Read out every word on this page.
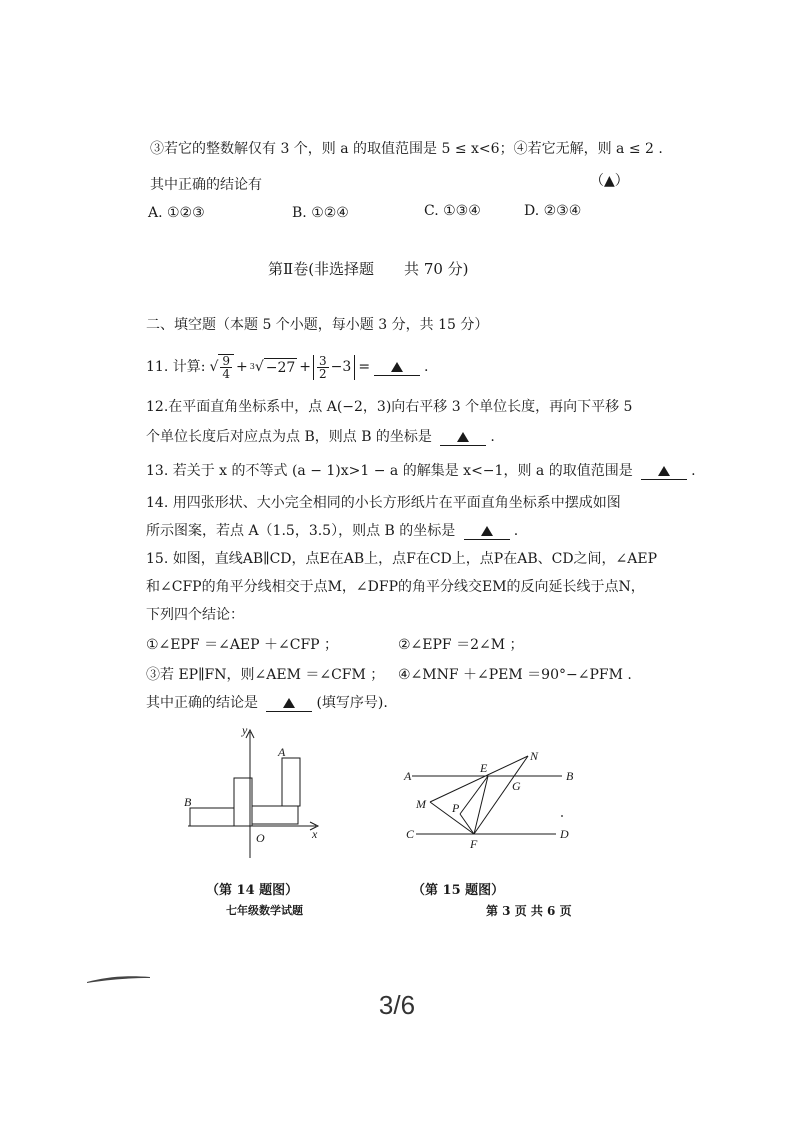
③若它的整数解仅有 3 个，则 a 的取值范围是 5 ≤ x<6；④若它无解，则 a ≤ 2 .
其中正确的结论有	（▲）
A. ①②③	B. ①②④	C. ①③④	D. ②③④
第Ⅱ卷(非选择题　　共 70 分)
二、填空题（本题 5 个小题，每小题 3 分，共 15 分）
11. 计算: √ $\frac{9}{4} + 3$ √ $-27 + \frac{3}{2} -3$ =	.
12.在平面直角坐标系中，点 A(−2，3)向右平移 3 个单位长度，再向下平移 5
个单位长度后对应点为点 B，则点 B 的坐标是	.
13. 若关于 x 的不等式 (a − 1)x>1 − a 的解集是 x<−1，则 a 的取值范围是	.
14. 用四张形状、大小完全相同的小长方形纸片在平面直角坐标系中摆成如图
所示图案，若点 A（1.5，3.5），则点 B 的坐标是	.
15. 如图，直线AB∥CD，点E在AB上，点F在CD上，点P在AB、CD之间，∠AEP
和∠CFP的角平分线相交于点M，∠DFP的角平分线交EM的反向延长线于点N，
下列四个结论：
①∠EPF ＝∠AEP ＋∠CFP ；	②∠EPF ＝2∠M ；
③若 EP∥FN，则∠AEM ＝∠CFM ； ④∠MNF ＋∠PEM ＝90°−∠PFM .
其中正确的结论是	(填写序号).
y
x
O
A
B
A	B
C	D
E
F
G
M
N
P
（第 14 题图）	（第 15 题图）
七年级数学试题	第 3 页 共 6 页
3/6
